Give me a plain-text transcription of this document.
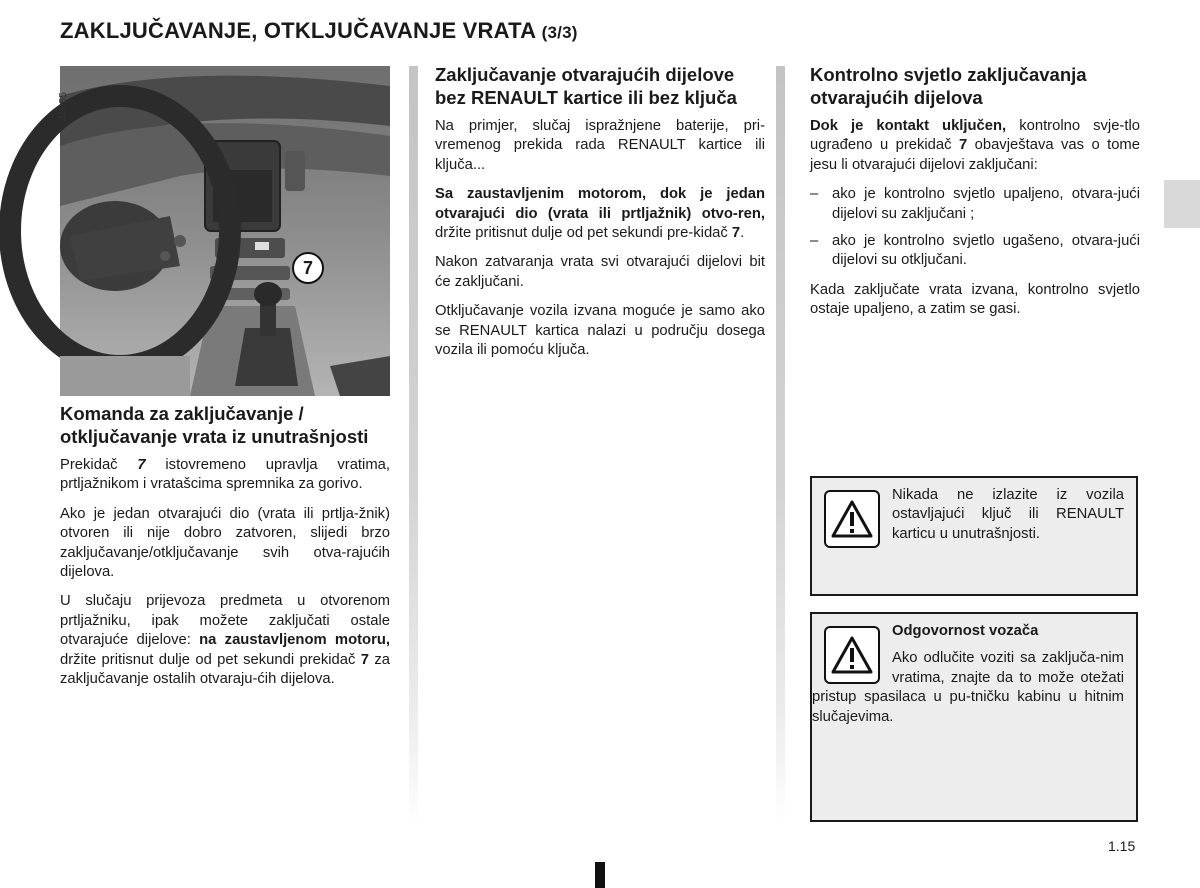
ZAKLJUČAVANJE, OTKLJUČAVANJE VRATA (3/3)
40955
7
Komanda za zaključavanje / otključavanje vrata iz unutrašnjosti

Prekidač 7 istovremeno upravlja vratima, prtljažnikom i vratašcima spremnika za gorivo.

Ako je jedan otvarajući dio (vrata ili prtlja-žnik) otvoren ili nije dobro zatvoren, slijedi brzo zaključavanje/otključavanje svih otva-rajućih dijelova.

U slučaju prijevoza predmeta u otvorenom prtljažniku, ipak možete zaključati ostale otvarajuće dijelove: na zaustavljenom motoru, držite pritisnut dulje od pet sekundi prekidač 7 za zaključavanje ostalih otvaraju-ćih dijelova.

Zaključavanje otvarajućih dijelove bez RENAULT kartice ili bez ključa

Na primjer, slučaj ispražnjene baterije, pri-vremenog prekida rada RENAULT kartice ili ključa...

Sa zaustavljenim motorom, dok je jedan otvarajući dio (vrata ili prtljažnik) otvo-ren, držite pritisnut dulje od pet sekundi pre-kidač 7.

Nakon zatvaranja vrata svi otvarajući dijelovi bit će zaključani.

Otključavanje vozila izvana moguće je samo ako se RENAULT kartica nalazi u području dosega vozila ili pomoću ključa.

Kontrolno svjetlo zaključavanja otvarajućih dijelova

Dok je kontakt uključen, kontrolno svje-tlo ugrađeno u prekidač 7 obavještava vas o tome jesu li otvarajući dijelovi zaključani:

– ako je kontrolno svjetlo upaljeno, otvara-jući dijelovi su zaključani ;
– ako je kontrolno svjetlo ugašeno, otvara-jući dijelovi su otključani.

Kada zaključate vrata izvana, kontrolno svjetlo ostaje upaljeno, a zatim se gasi.

Nikada ne izlazite iz vozila ostavljajući ključ ili RENAULT karticu u unutrašnjosti.

Odgovornost vozača

Ako odlučite voziti sa zaključa-nim vratima, znajte da to može otežati pristup spasilaca u pu-tničku kabinu u hitnim slučajevima.

1.15
